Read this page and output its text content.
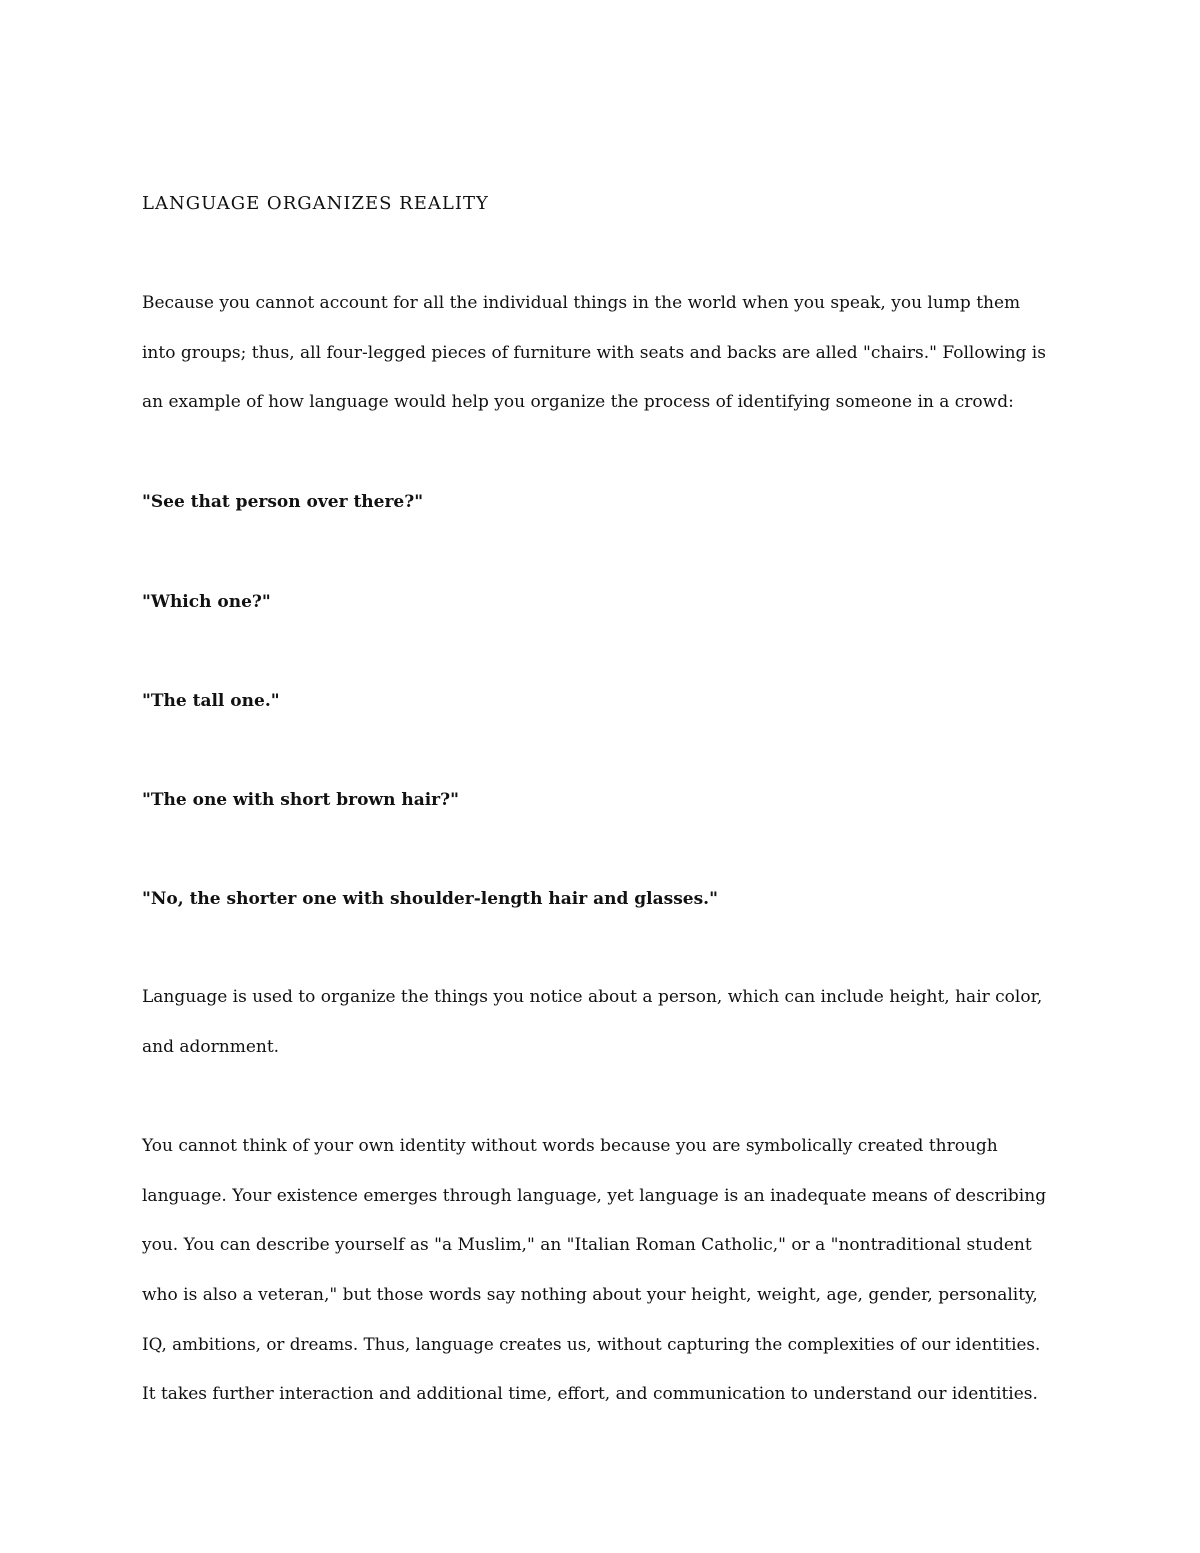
LANGUAGE ORGANIZES REALITY

Because you cannot account for all the individual things in the world when you speak, you lump them
into groups; thus, all four-legged pieces of furniture with seats and backs are alled "chairs." Following is
an example of how language would help you organize the process of identifying someone in a crowd:

"See that person over there?"

"Which one?"

"The tall one."

"The one with short brown hair?"

"No, the shorter one with shoulder-length hair and glasses."

Language is used to organize the things you notice about a person, which can include height, hair color,
and adornment.

You cannot think of your own identity without words because you are symbolically created through
language. Your existence emerges through language, yet language is an inadequate means of describing
you. You can describe yourself as "a Muslim," an "Italian Roman Catholic," or a "nontraditional student
who is also a veteran," but those words say nothing about your height, weight, age, gender, personality,
IQ, ambitions, or dreams. Thus, language creates us, without capturing the complexities of our identities.
It takes further interaction and additional time, effort, and communication to understand our identities.
